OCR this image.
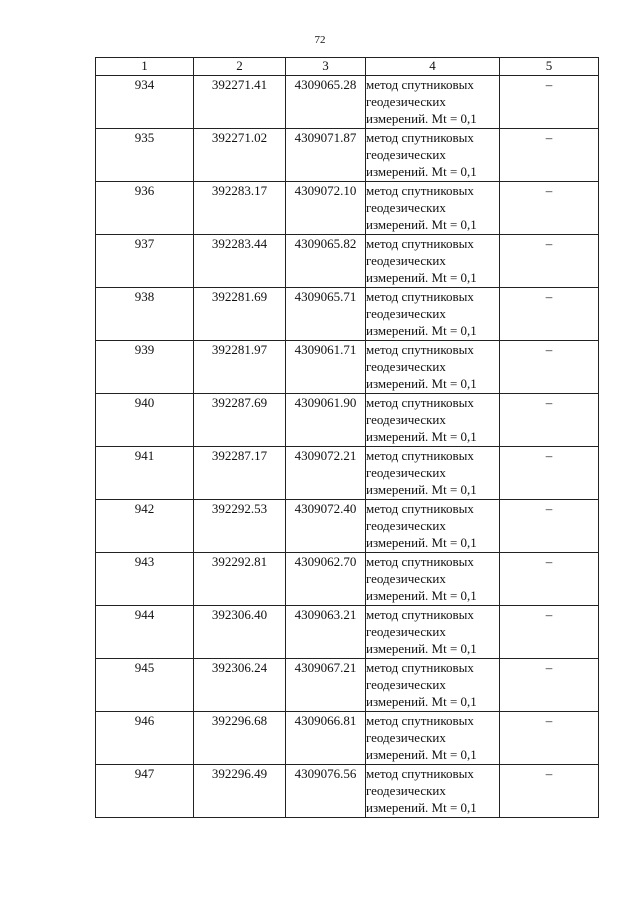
72
1	2	3	4	5
934	392271.41	4309065.28	метод спутниковых
геодезических
измерений. Mt = 0,1	–
935	392271.02	4309071.87	метод спутниковых
геодезических
измерений. Mt = 0,1	–
936	392283.17	4309072.10	метод спутниковых
геодезических
измерений. Mt = 0,1	–
937	392283.44	4309065.82	метод спутниковых
геодезических
измерений. Mt = 0,1	–
938	392281.69	4309065.71	метод спутниковых
геодезических
измерений. Mt = 0,1	–
939	392281.97	4309061.71	метод спутниковых
геодезических
измерений. Mt = 0,1	–
940	392287.69	4309061.90	метод спутниковых
геодезических
измерений. Mt = 0,1	–
941	392287.17	4309072.21	метод спутниковых
геодезических
измерений. Mt = 0,1	–
942	392292.53	4309072.40	метод спутниковых
геодезических
измерений. Mt = 0,1	–
943	392292.81	4309062.70	метод спутниковых
геодезических
измерений. Mt = 0,1	–
944	392306.40	4309063.21	метод спутниковых
геодезических
измерений. Mt = 0,1	–
945	392306.24	4309067.21	метод спутниковых
геодезических
измерений. Mt = 0,1	–
946	392296.68	4309066.81	метод спутниковых
геодезических
измерений. Mt = 0,1	–
947	392296.49	4309076.56	метод спутниковых
геодезических
измерений. Mt = 0,1	–
